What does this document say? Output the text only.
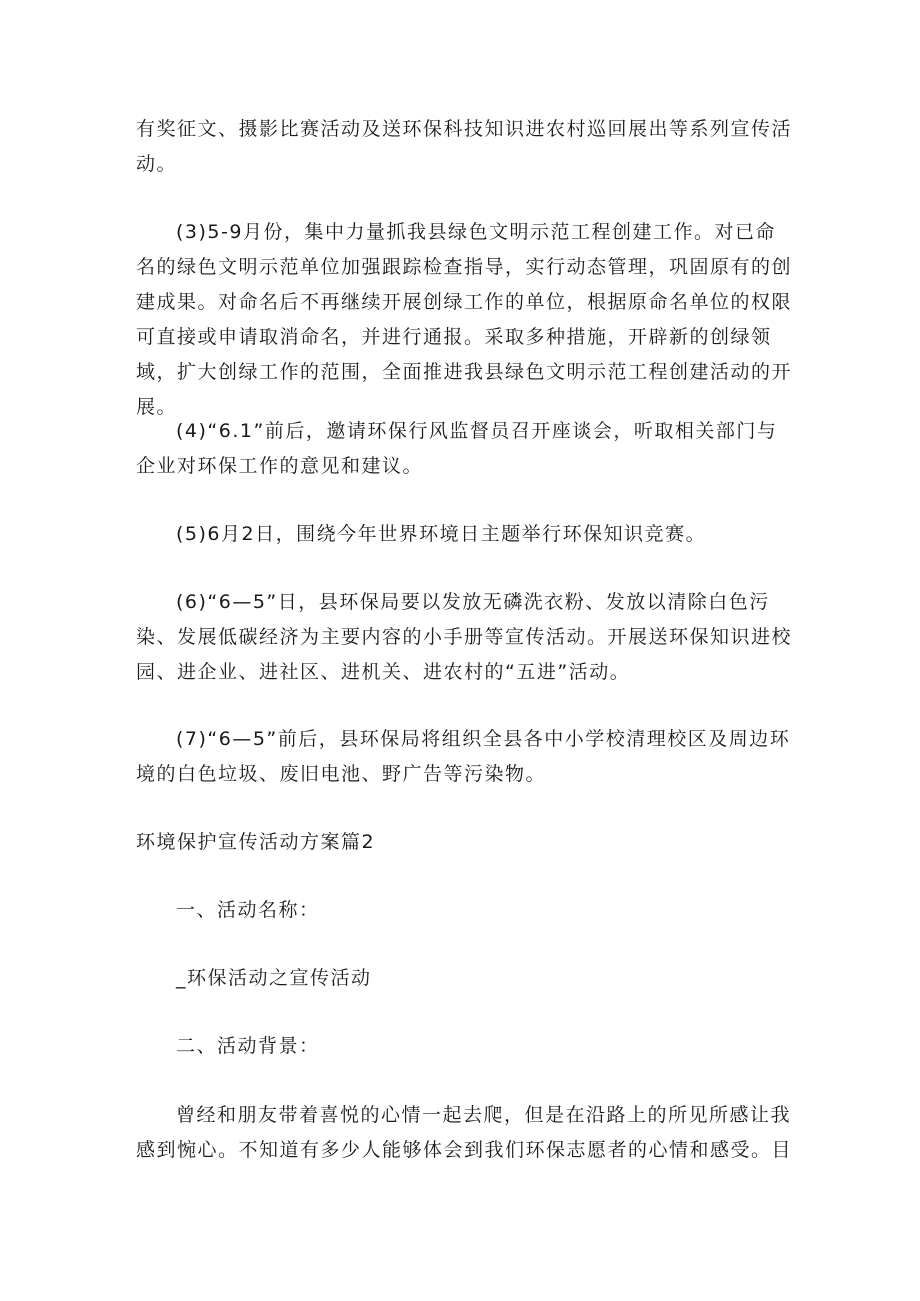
有奖征文、摄影比赛活动及送环保科技知识进农村巡回展出等系列宣传活动。

(3)5-9月份，集中力量抓我县绿色文明示范工程创建工作。对已命名的绿色文明示范单位加强跟踪检查指导，实行动态管理，巩固原有的创建成果。对命名后不再继续开展创绿工作的单位，根据原命名单位的权限可直接或申请取消命名，并进行通报。采取多种措施，开辟新的创绿领域，扩大创绿工作的范围，全面推进我县绿色文明示范工程创建活动的开展。

(4)“6.1”前后，邀请环保行风监督员召开座谈会，听取相关部门与企业对环保工作的意见和建议。

(5)6月2日，围绕今年世界环境日主题举行环保知识竞赛。

(6)“6—5”日，县环保局要以发放无磷洗衣粉、发放以清除白色污染、发展低碳经济为主要内容的小手册等宣传活动。开展送环保知识进校园、进企业、进社区、进机关、进农村的“五进”活动。

(7)“6—5”前后，县环保局将组织全县各中小学校清理校区及周边环境的白色垃圾、废旧电池、野广告等污染物。

环境保护宣传活动方案篇2

一、活动名称：

_环保活动之宣传活动

二、活动背景：

曾经和朋友带着喜悦的心情一起去爬，但是在沿路上的所见所感让我感到惋心。不知道有多少人能够体会到我们环保志愿者的心情和感受。目
